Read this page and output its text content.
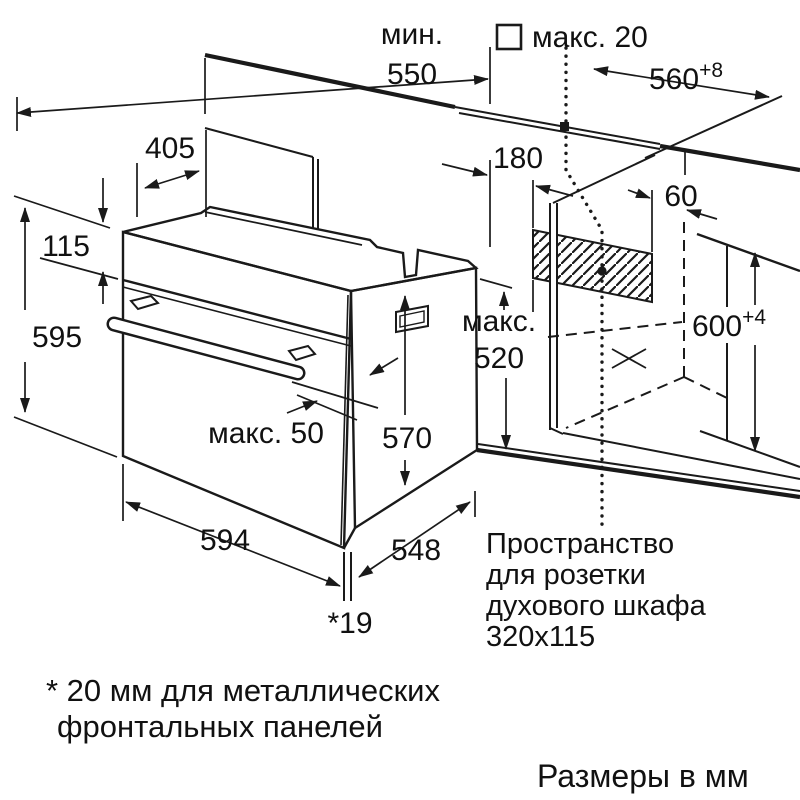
мин.
550
макс. 20
$560^{+8}$
405
115
595
180
60
$600^{+4}$
макс.
520
570
макс. 50
594	548
*19
Пространство
для розетки
духового шкафа
320x115
* 20 мм для металлических
фронтальных панелей
Размеры в мм
